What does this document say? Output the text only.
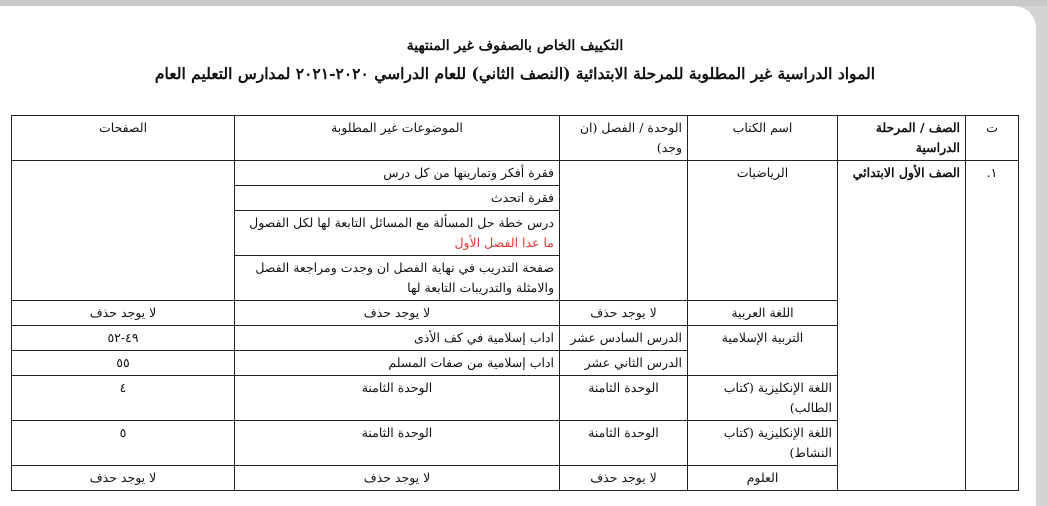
التكييف الخاص بالصفوف غير المنتهية
المواد الدراسية غير المطلوبة للمرحلة الابتدائية (النصف الثاني) للعام الدراسي ٢٠٢٠-٢٠٢١ لمدارس التعليم العام
ت	الصف / المرحلة الدراسية	اسم الكتاب	الوحدة / الفصل (ان وجد)	الموضوعات غير المطلوبة	الصفحات
١.	الصف الأول الابتدائي	الرياضيات		فقرة أفكر وتمارينها من كل درس
فقرة اتحدث
درس خطة حل المسألة مع المسائل التابعة لها لكل الفصول ما عدا الفصل الأول
صفحة التدريب في نهاية الفصل ان وجدت ومراجعة الفصل والامثلة والتدريبات التابعة لها	

		اللغة العربية	لا يوجد حذف	لا يوجد حذف	لا يوجد حذف
		التربية الإسلامية	الدرس السادس عشر	اداب إسلامية في كف الأذى	٤٩-٥٢
			الدرس الثاني عشر	اداب إسلامية من صفات المسلم	٥٥
		اللغة الإنكليزية (كتاب الطالب)	الوحدة الثامنة	الوحدة الثامنة	٤
		اللغة الإنكليزية (كتاب النشاط)	الوحدة الثامنة	الوحدة الثامنة	٥
		العلوم	لا يوجد حذف	لا يوجد حذف	لا يوجد حذف
